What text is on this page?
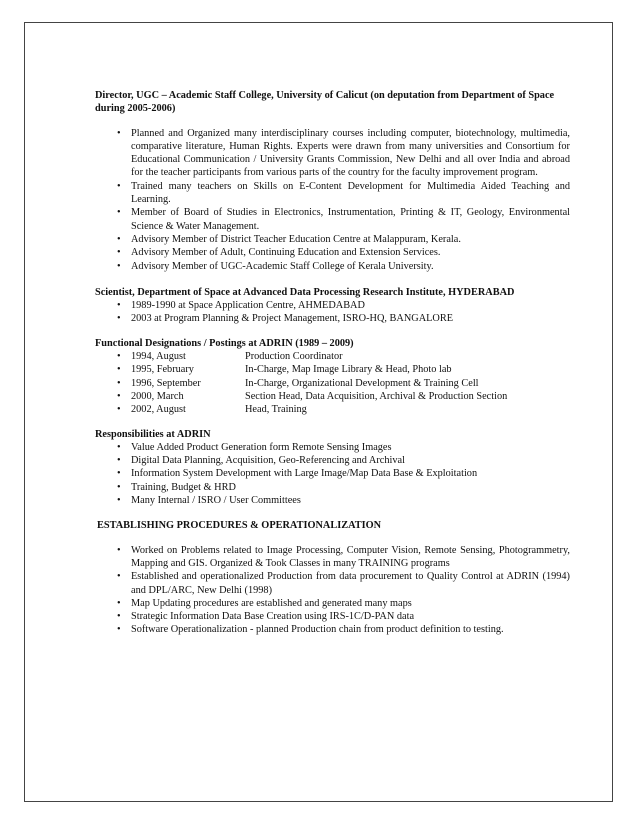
Director, UGC – Academic Staff College, University of Calicut (on deputation from Department of Space during 2005-2006)
• Planned and Organized many interdisciplinary courses including computer, biotechnology, multimedia, comparative literature, Human Rights. Experts were drawn from many universities and Consortium for Educational Communication / University Grants Commission, New Delhi and all over India and abroad for the teacher participants from various parts of the country for the faculty improvement program.
• Trained many teachers on Skills on E-Content Development for Multimedia Aided Teaching and Learning.
• Member of Board of Studies in Electronics, Instrumentation, Printing & IT, Geology, Environmental Science & Water Management.
• Advisory Member of District Teacher Education Centre at Malappuram, Kerala.
• Advisory Member of Adult, Continuing Education and Extension Services.
• Advisory Member of UGC-Academic Staff College of Kerala University.
Scientist, Department of Space at Advanced Data Processing Research Institute, HYDERABAD
• 1989-1990 at Space Application Centre, AHMEDABAD
• 2003 at Program Planning & Project Management, ISRO-HQ, BANGALORE
Functional Designations / Postings at ADRIN (1989 – 2009)
• 1994, August	Production Coordinator
• 1995, February	In-Charge, Map Image Library & Head, Photo lab
• 1996, September	In-Charge, Organizational Development & Training Cell
• 2000, March	Section Head, Data Acquisition, Archival & Production Section
• 2002, August	Head, Training
Responsibilities at ADRIN
• Value Added Product Generation form Remote Sensing Images
• Digital Data Planning, Acquisition, Geo-Referencing and Archival
• Information System Development with Large Image/Map Data Base & Exploitation
• Training, Budget & HRD
• Many Internal / ISRO / User Committees
ESTABLISHING PROCEDURES & OPERATIONALIZATION
• Worked on Problems related to Image Processing, Computer Vision, Remote Sensing, Photogrammetry, Mapping and GIS. Organized & Took Classes in many TRAINING programs
• Established and operationalized Production from data procurement to Quality Control at ADRIN (1994) and DPL/ARC, New Delhi (1998)
• Map Updating procedures are established and generated many maps
• Strategic Information Data Base Creation using IRS-1C/D-PAN data
• Software Operationalization - planned Production chain from product definition to testing.
